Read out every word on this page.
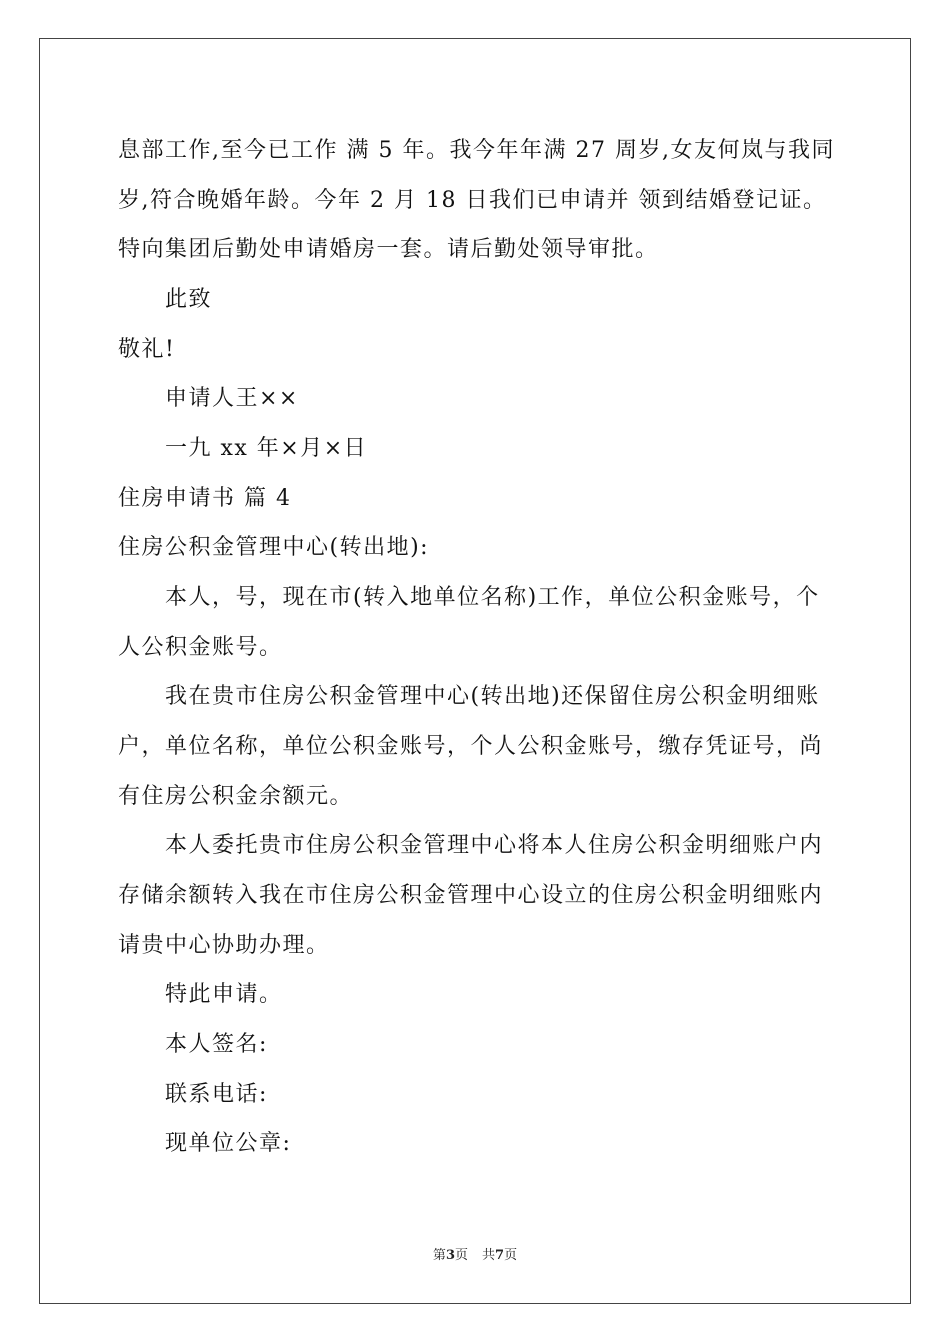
息部工作,至今已工作 满 5 年。我今年年满 27 周岁,女友何岚与我同
岁,符合晚婚年龄。今年 2 月 18 日我们已申请并 领到结婚登记证。
特向集团后勤处申请婚房一套。请后勤处领导审批。
此致
敬礼!
申请人王××
一九 xx 年×月×日
住房申请书 篇 4
住房公积金管理中心(转出地):
本人，号，现在市(转入地单位名称)工作，单位公积金账号，个
人公积金账号。
我在贵市住房公积金管理中心(转出地)还保留住房公积金明细账
户，单位名称，单位公积金账号，个人公积金账号，缴存凭证号，尚
有住房公积金余额元。
本人委托贵市住房公积金管理中心将本人住房公积金明细账户内
存储余额转入我在市住房公积金管理中心设立的住房公积金明细账内
请贵中心协助办理。
特此申请。
本人签名:
联系电话:
现单位公章:
第3页 共7页
